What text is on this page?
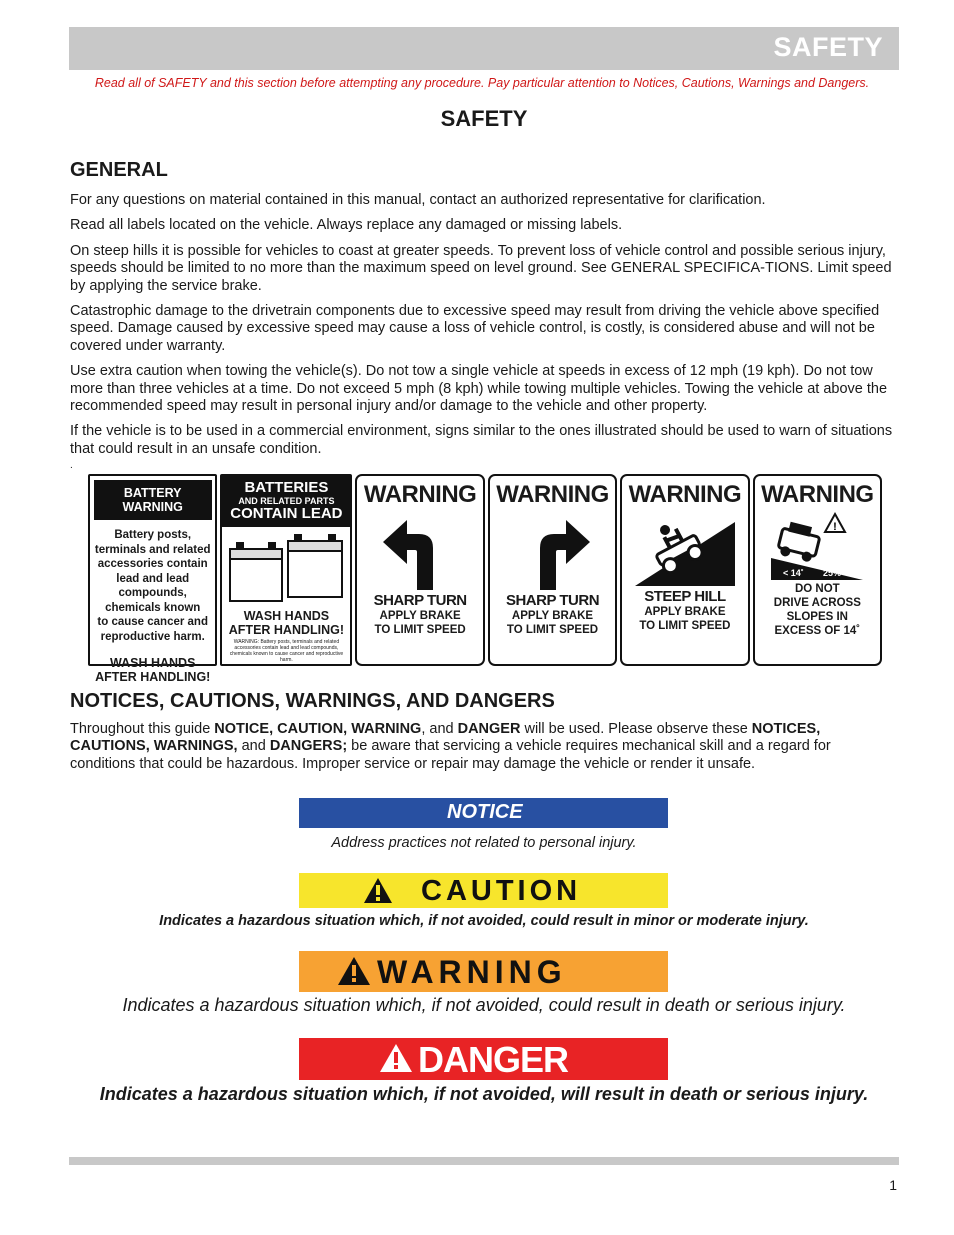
SAFETY
Read all of SAFETY and this section before attempting any procedure. Pay particular attention to Notices, Cautions, Warnings and Dangers.
SAFETY
GENERAL

For any questions on material contained in this manual, contact an authorized representative for clarification.

Read all labels located on the vehicle. Always replace any damaged or missing labels.

On steep hills it is possible for vehicles to coast at greater speeds. To prevent loss of vehicle control and possible serious injury, speeds should be limited to no more than the maximum speed on level ground. See GENERAL SPECIFICA-TIONS. Limit speed by applying the service brake.

Catastrophic damage to the drivetrain components due to excessive speed may result from driving the vehicle above specified speed. Damage caused by excessive speed may cause a loss of vehicle control, is costly, is considered abuse and will not be covered under warranty.

Use extra caution when towing the vehicle(s). Do not tow a single vehicle at speeds in excess of 12 mph (19 kph). Do not tow more than three vehicles at a time. Do not exceed 5 mph (8 kph) while towing multiple vehicles. Towing the vehicle at above the recommended speed may result in personal injury and/or damage to the vehicle and other property.

If the vehicle is to be used in a commercial environment, signs similar to the ones illustrated should be used to warn of situations that could result in an unsafe condition.

.
BATTERY WARNING
Battery posts,
terminals and related
accessories contain
lead and lead compounds,
chemicals known
to cause cancer and
reproductive harm.
WASH HANDS
AFTER HANDLING!
BATTERIES
AND RELATED PARTS
CONTAIN LEAD
WASH HANDS
AFTER HANDLING!
WARNING: Battery posts, terminals and related accessories contain lead and lead compounds, chemicals known to cause cancer and reproductive harm.
WARNING
SHARP TURN
APPLY BRAKE
TO LIMIT SPEED
WARNING
SHARP TURN
APPLY BRAKE
TO LIMIT SPEED
WARNING
STEEP HILL
APPLY BRAKE
TO LIMIT SPEED
WARNING
!
< 14˚ 25%
DO NOT
DRIVE ACROSS
SLOPES IN
EXCESS OF 14˚
NOTICES, CAUTIONS, WARNINGS, AND DANGERS

Throughout this guide NOTICE, CAUTION, WARNING, and DANGER will be used. Please observe these NOTICES, CAUTIONS, WARNINGS, and DANGERS; be aware that servicing a vehicle requires mechanical skill and a regard for conditions that could be hazardous. Improper service or repair may damage the vehicle or render it unsafe.

NOTICE
Address practices not related to personal injury.
CAUTION
Indicates a hazardous situation which, if not avoided, could result in minor or moderate injury.
WARNING
Indicates a hazardous situation which, if not avoided, could result in death or serious injury.
DANGER
Indicates a hazardous situation which, if not avoided, will result in death or serious injury.
1
